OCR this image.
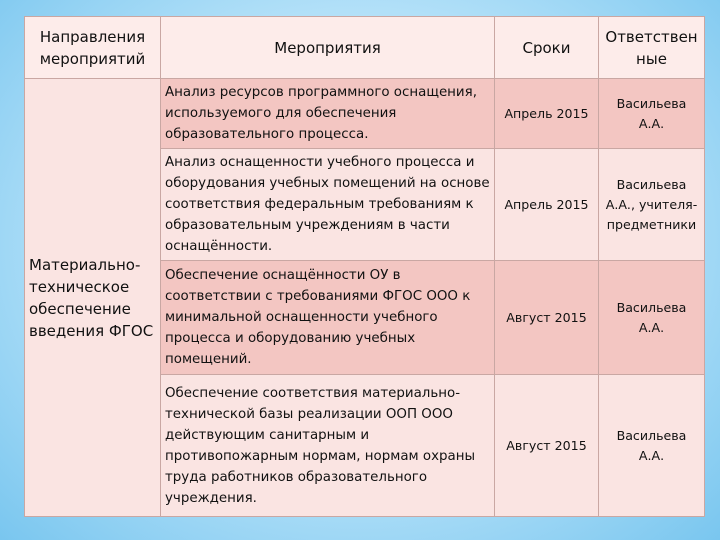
Направления мероприятий	Мероприятия	Сроки	Ответствен ные
Материально-техническое обеспечение введения ФГОС	Анализ ресурсов программного оснащения, используемого для обеспечения образовательного процесса.	Апрель 2015	Васильева А.А.
	Анализ оснащенности учебного процесса и оборудования учебных помещений на основе соответствия федеральным требованиям к образовательным учреждениям в части оснащённости.	Апрель 2015	Васильева А.А., учителя-предметники
	Обеспечение оснащённости ОУ в соответствии с требованиями ФГОС ООО к минимальной оснащенности учебного процесса и оборудованию учебных помещений.	Август 2015	Васильева А.А.
	Обеспечение соответствия материально-технической базы реализации ООП ООО действующим санитарным и противопожарным нормам, нормам охраны труда работников образовательного учреждения.	Август 2015	Васильева А.А.
